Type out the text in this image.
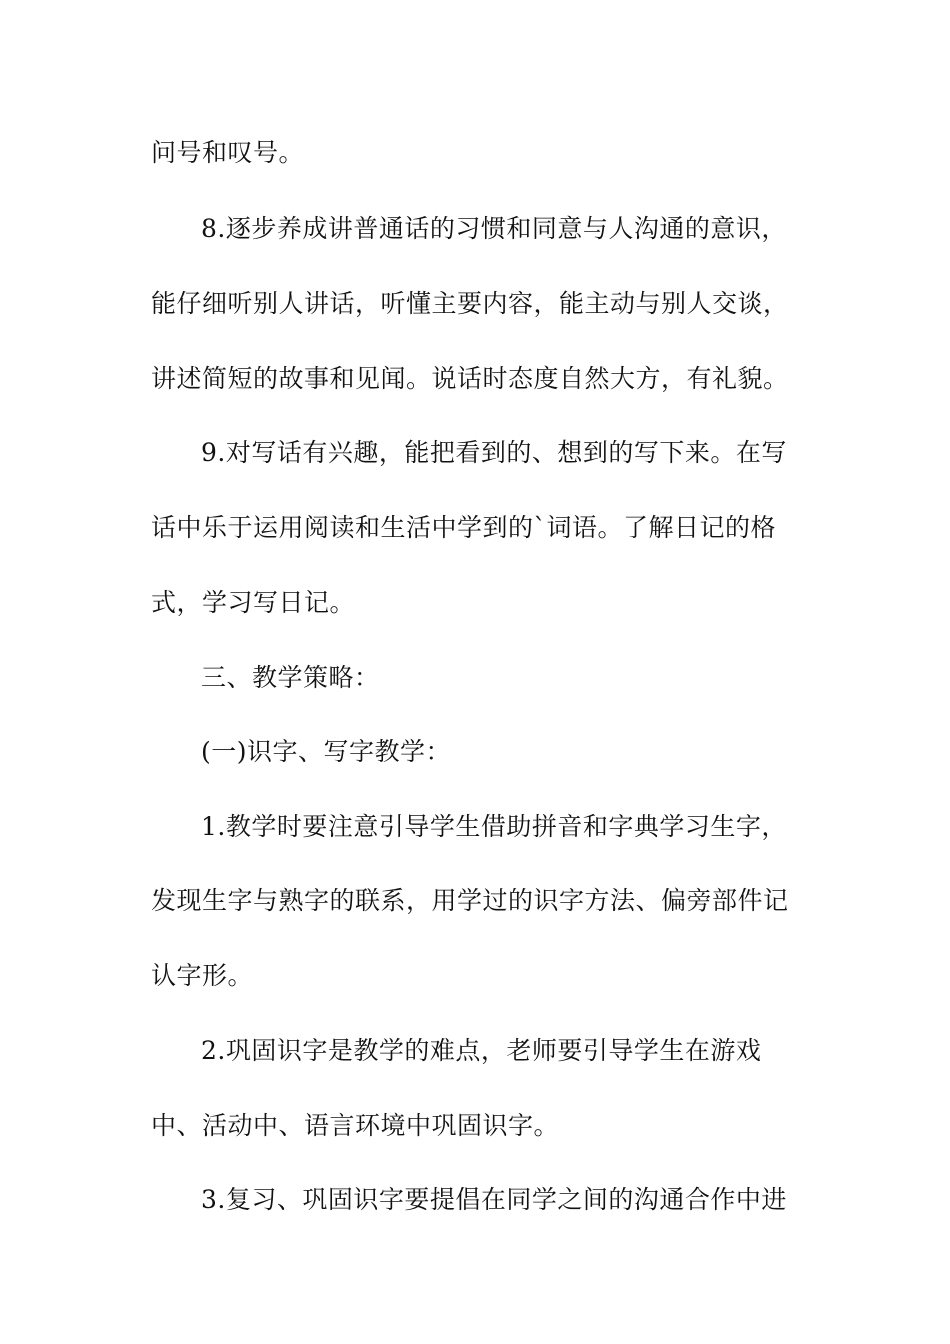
问号和叹号。
8.逐步养成讲普通话的习惯和同意与人沟通的意识，
能仔细听别人讲话，听懂主要内容，能主动与别人交谈，
讲述简短的故事和见闻。说话时态度自然大方，有礼貌。
9.对写话有兴趣，能把看到的、想到的写下来。在写
话中乐于运用阅读和生活中学到的`词语。了解日记的格
式，学习写日记。
三、教学策略：
(一)识字、写字教学：
1.教学时要注意引导学生借助拼音和字典学习生字，
发现生字与熟字的联系，用学过的识字方法、偏旁部件记
认字形。
2.巩固识字是教学的难点，老师要引导学生在游戏
中、活动中、语言环境中巩固识字。
3.复习、巩固识字要提倡在同学之间的沟通合作中进
